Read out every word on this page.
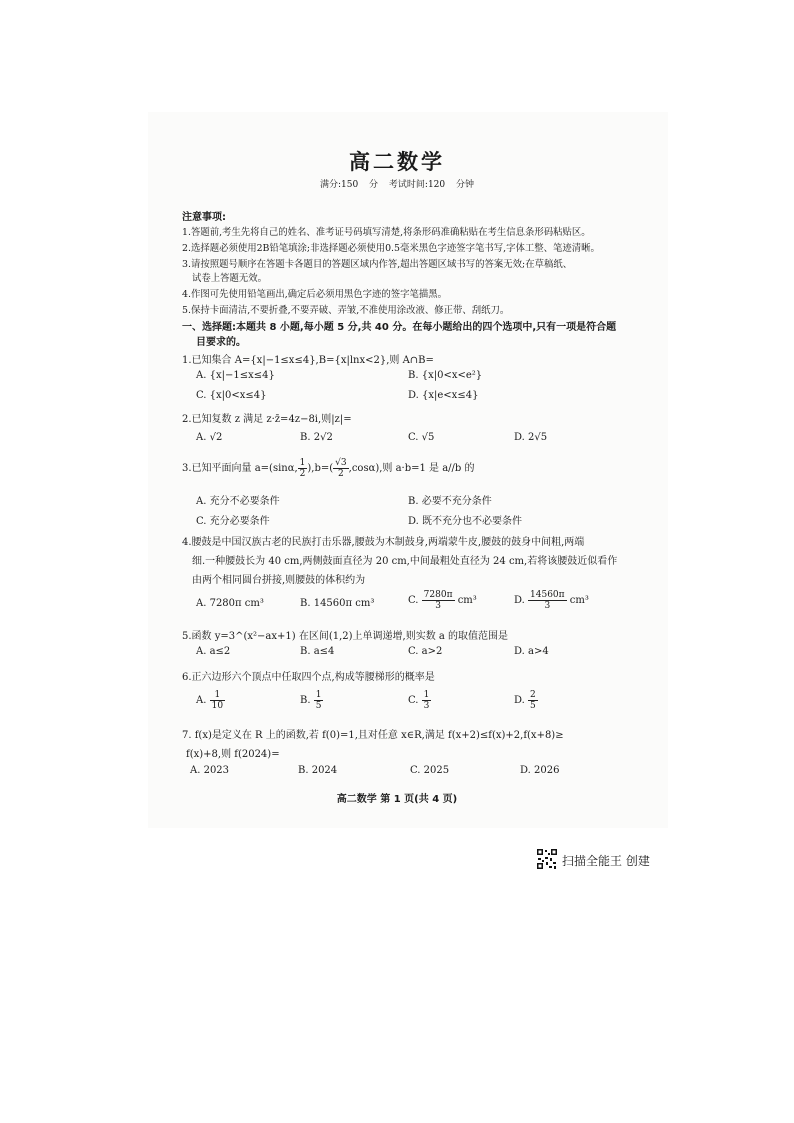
高二数学
满分:150 分 考试时间:120 分钟
注意事项:
1.答题前,考生先将自己的姓名、准考证号码填写清楚,将条形码准确粘贴在考生信息条形码粘贴区。
2.选择题必须使用2B铅笔填涂;非选择题必须使用0.5毫米黑色字迹签字笔书写,字体工整、笔迹清晰。
3.请按照题号顺序在答题卡各题目的答题区域内作答,超出答题区域书写的答案无效;在草稿纸、
试卷上答题无效。
4.作图可先使用铅笔画出,确定后必须用黑色字迹的签字笔描黑。
5.保持卡面清洁,不要折叠,不要弄破、弄皱,不准使用涂改液、修正带、刮纸刀。
一、选择题:本题共 8 小题,每小题 5 分,共 40 分。在每小题给出的四个选项中,只有一项是符合题
目要求的。
1.已知集合 A={x|−1≤x≤4},B={x|lnx<2},则 A∩B=
A. {x|−1≤x≤4}	B. {x|0<x<e²}
C. {x|0<x≤4}	D. {x|e<x≤4}
2.已知复数 z 满足 z·z̄=4z−8i,则|z|=
A. √2	B. 2√2	C. √5	D. 2√5
3.已知平面向量 a=(sinα, $\frac{1}{2} ),b=( \frac{√3}{2} ,\cos\alpha)$,则 a·b=1 是 a//b 的
A. 充分不必要条件	B. 必要不充分条件
C. 充分必要条件	D. 既不充分也不必要条件
4.腰鼓是中国汉族古老的民族打击乐器,腰鼓为木制鼓身,两端蒙牛皮,腰鼓的鼓身中间粗,两端
细.一种腰鼓长为 40 cm,两侧鼓面直径为 20 cm,中间最粗处直径为 24 cm,若将该腰鼓近似看作
由两个相同圆台拼接,则腰鼓的体积约为
A. 7280π cm³	B. 14560π cm³	C. $\frac{7280\pi}{3} cm^3$	D. $\frac{14560\pi}{3} cm^3$
5.函数 y=3^(x²−ax+1) 在区间(1,2)上单调递增,则实数 a 的取值范围是
A. a≤2	B. a≤4	C. a>2	D. a>4
6.正六边形六个顶点中任取四个点,构成等腰梯形的概率是
A. $\frac{1}{10}$	B. $\frac{1}{5}$	C. $\frac{1}{3}$	D. $\frac{2}{5}$
7. f(x)是定义在 R 上的函数,若 f(0)=1,且对任意 x∈R,满足 f(x+2)≤f(x)+2,f(x+8)≥
f(x)+8,则 f(2024)=
A. 2023	B. 2024	C. 2025	D. 2026
高二数学 第 1 页(共 4 页)
扫描全能王 创建
